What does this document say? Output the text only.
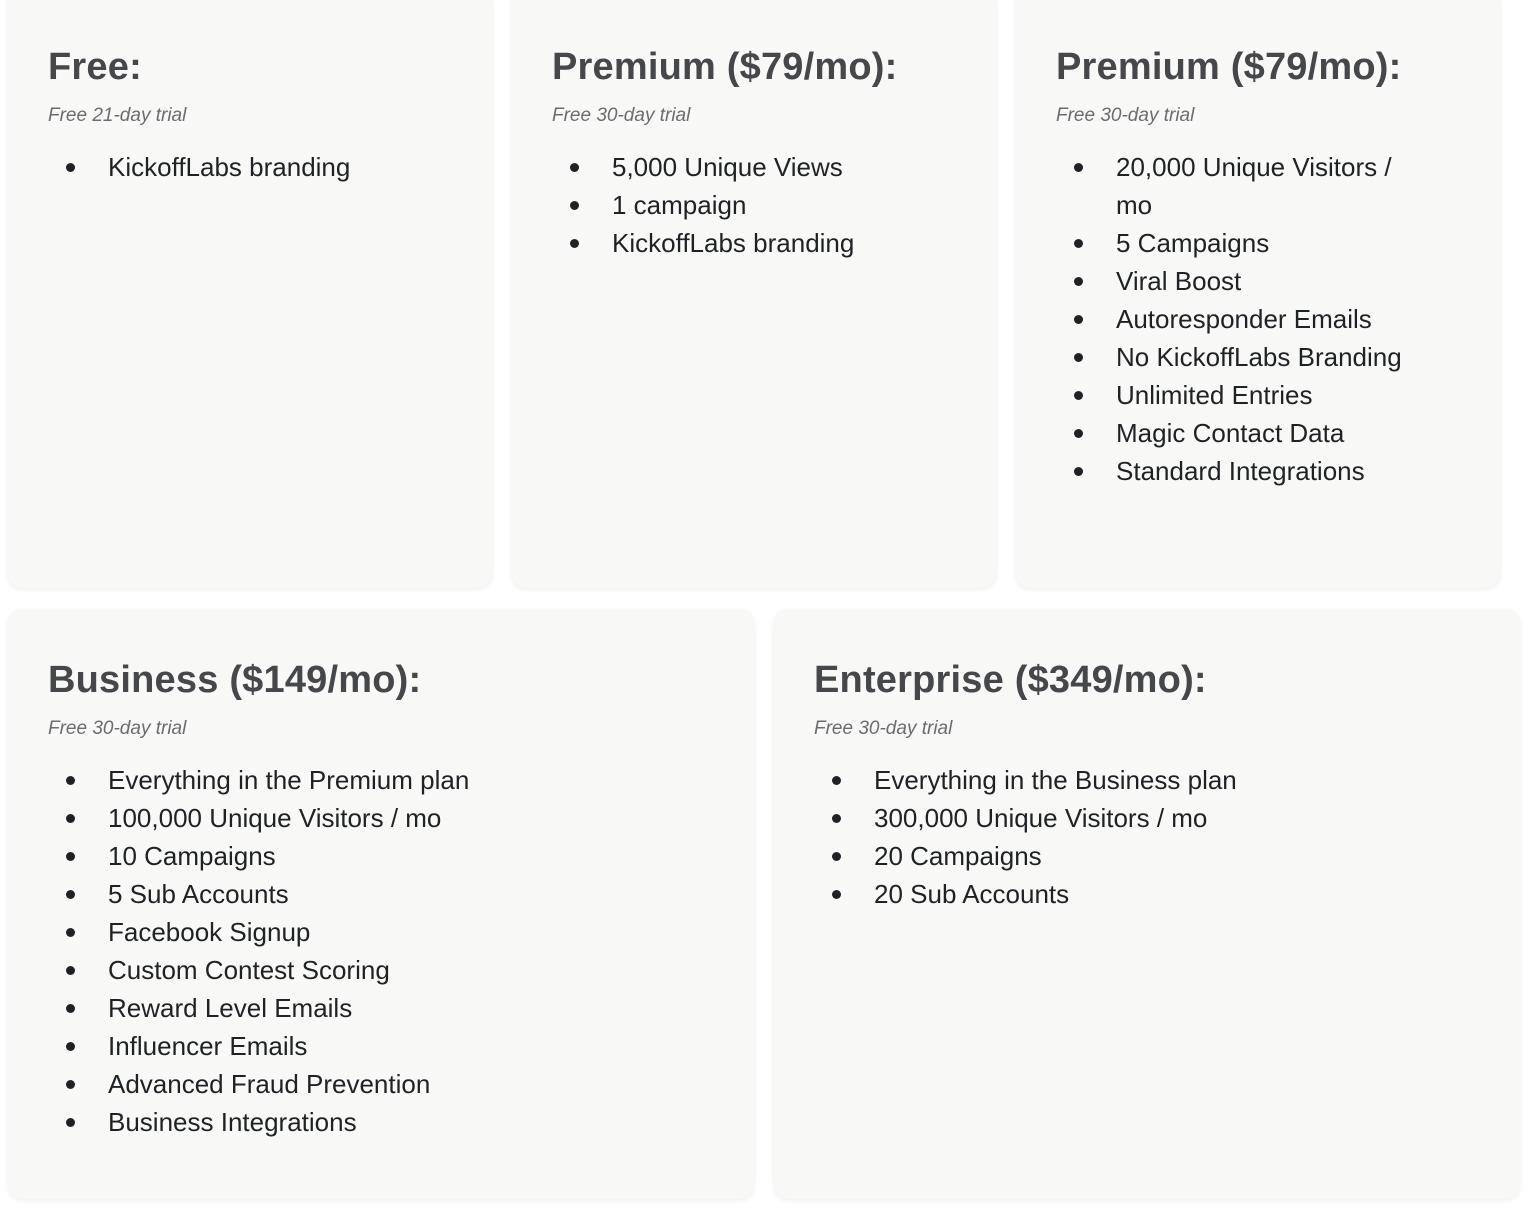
Free:

Free 21-day trial

KickoffLabs branding
Premium ($79/mo):

Free 30-day trial

5,000 Unique Views
1 campaign
KickoffLabs branding
Premium ($79/mo):

Free 30-day trial

20,000 Unique Visitors / mo
5 Campaigns
Viral Boost
Autoresponder Emails
No KickoffLabs Branding
Unlimited Entries
Magic Contact Data
Standard Integrations
Business ($149/mo):

Free 30-day trial

Everything in the Premium plan
100,000 Unique Visitors / mo
10 Campaigns
5 Sub Accounts
Facebook Signup
Custom Contest Scoring
Reward Level Emails
Influencer Emails
Advanced Fraud Prevention
Business Integrations
Enterprise ($349/mo):

Free 30-day trial

Everything in the Business plan
300,000 Unique Visitors / mo
20 Campaigns
20 Sub Accounts
